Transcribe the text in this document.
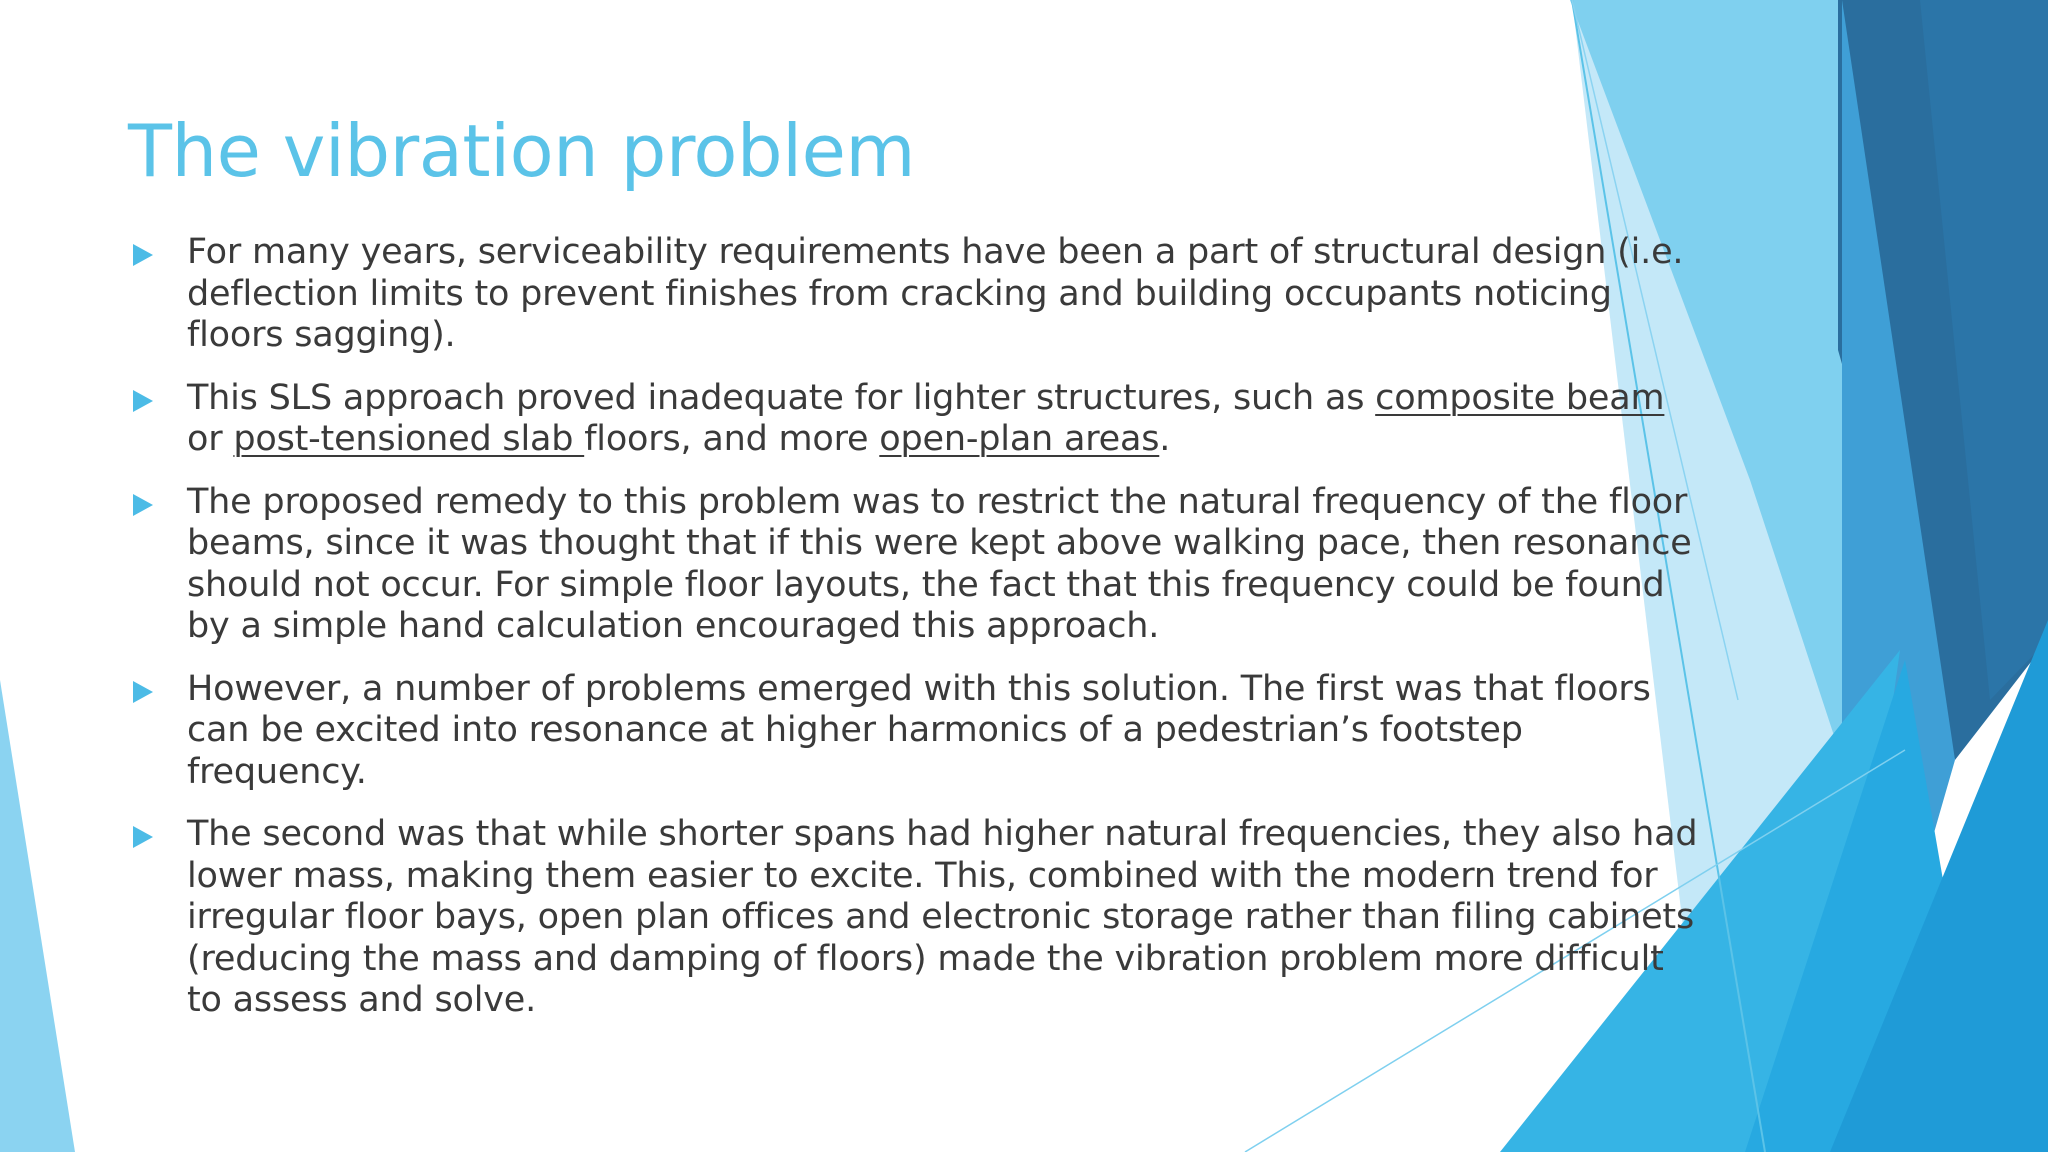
The vibration problem
For many years, serviceability requirements have been a part of structural design (i.e. deflection limits to prevent finishes from cracking and building occupants noticing floors sagging).
This SLS approach proved inadequate for lighter structures, such as composite beam or post-tensioned slab floors, and more open-plan areas.
The proposed remedy to this problem was to restrict the natural frequency of the floor beams, since it was thought that if this were kept above walking pace, then resonance should not occur. For simple floor layouts, the fact that this frequency could be found by a simple hand calculation encouraged this approach.
However, a number of problems emerged with this solution. The first was that floors can be excited into resonance at higher harmonics of a pedestrian’s footstep frequency.
The second was that while shorter spans had higher natural frequencies, they also had lower mass, making them easier to excite. This, combined with the modern trend for irregular floor bays, open plan offices and electronic storage rather than filing cabinets (reducing the mass and damping of floors) made the vibration problem more difficult to assess and solve.
